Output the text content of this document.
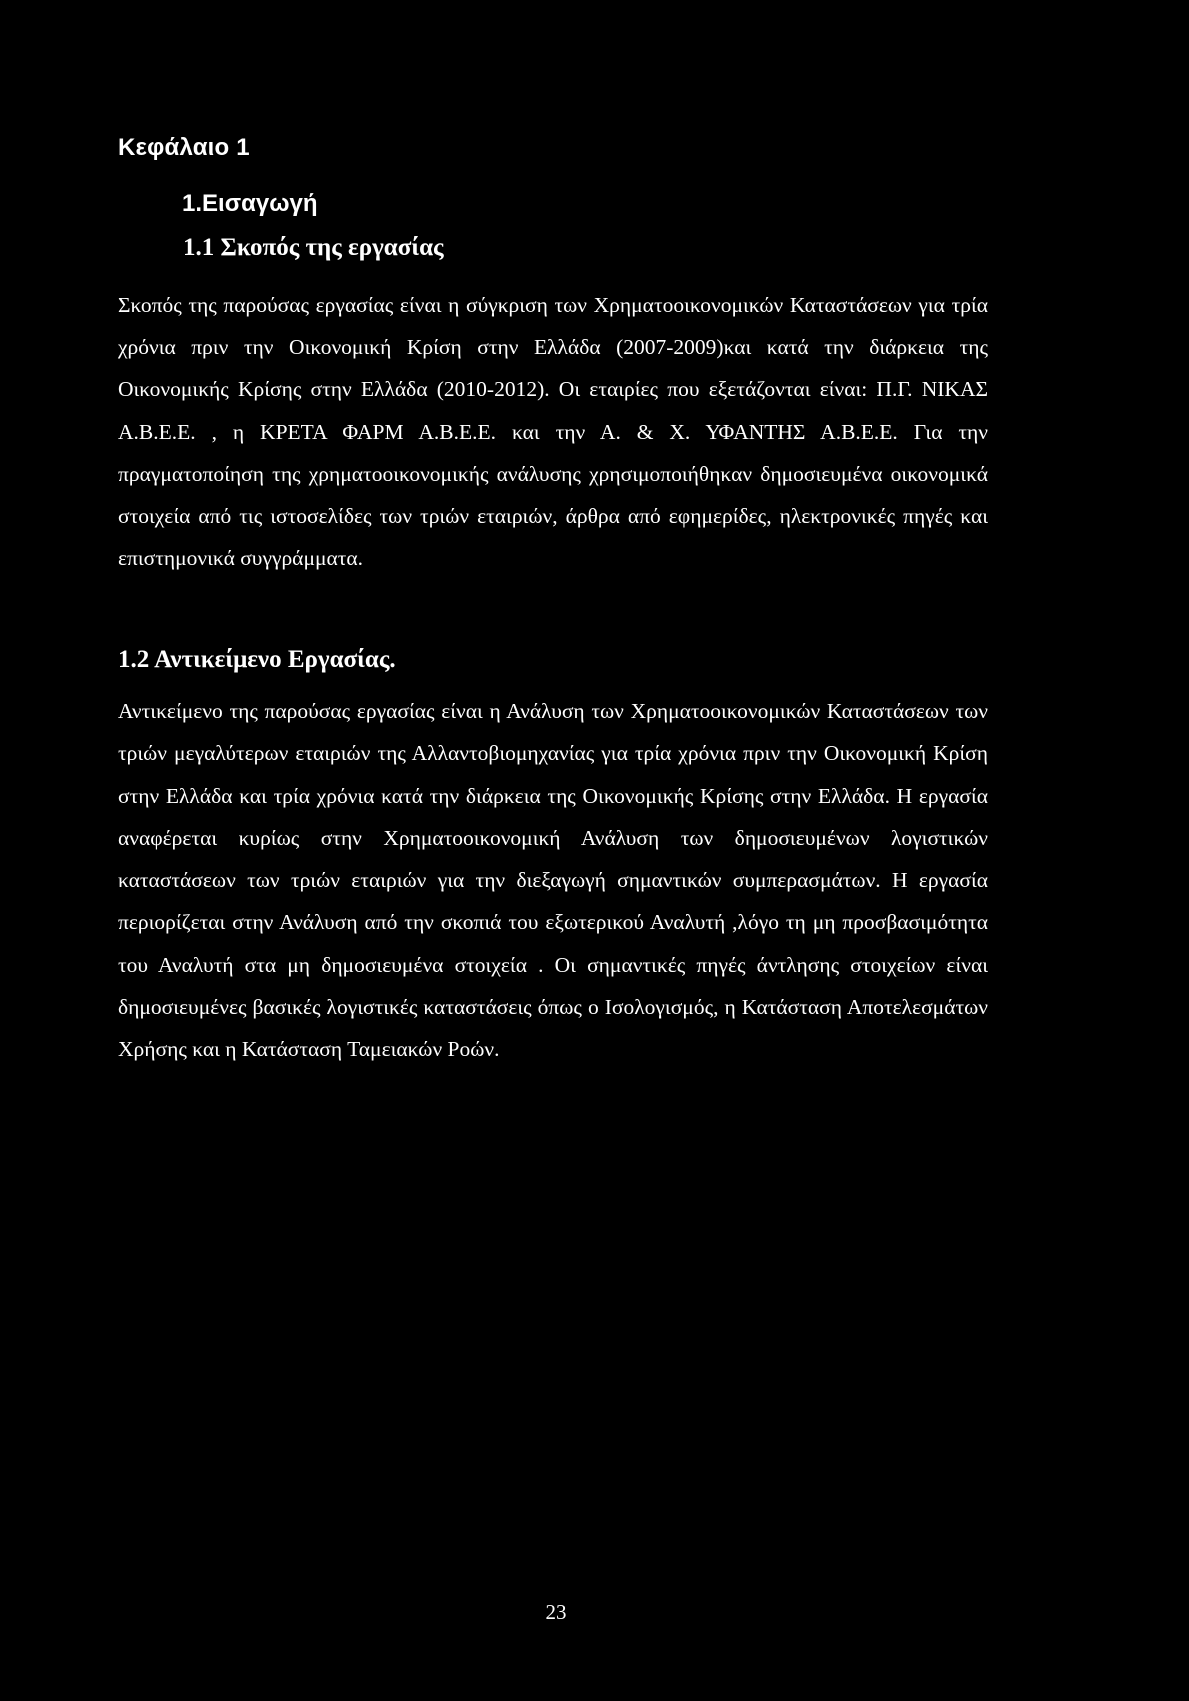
Κεφάλαιο 1
1.Εισαγωγή
1.1 Σκοπός της εργασίας

Σκοπός της παρούσας εργασίας είναι η σύγκριση των Χρηματοοικονομικών Καταστάσεων για τρία χρόνια πριν την Οικονομική Κρίση στην Ελλάδα (2007-2009)και κατά την διάρκεια της Οικονομικής Κρίσης στην Ελλάδα (2010-2012). Οι εταιρίες που εξετάζονται είναι: Π.Γ. ΝΙΚΑΣ Α.Β.Ε.Ε. , η ΚΡΕΤΑ ΦΑΡΜ Α.Β.Ε.Ε. και την Α. & Χ. ΥΦΑΝΤΗΣ Α.Β.Ε.Ε. Για την πραγματοποίηση της χρηματοοικονομικής ανάλυσης χρησιμοποιήθηκαν δημοσιευμένα οικονομικά στοιχεία από τις ιστοσελίδες των τριών εταιριών, άρθρα από εφημερίδες, ηλεκτρονικές πηγές και επιστημονικά συγγράμματα.

1.2 Αντικείμενο Εργασίας.

Αντικείμενο της παρούσας εργασίας είναι η Ανάλυση των Χρηματοοικονομικών Καταστάσεων των τριών μεγαλύτερων εταιριών της Αλλαντοβιομηχανίας για τρία χρόνια πριν την Οικονομική Κρίση στην Ελλάδα και τρία χρόνια κατά την διάρκεια της Οικονομικής Κρίσης στην Ελλάδα. Η εργασία αναφέρεται κυρίως στην Χρηματοοικονομική Ανάλυση των δημοσιευμένων λογιστικών καταστάσεων των τριών εταιριών για την διεξαγωγή σημαντικών συμπερασμάτων. Η εργασία περιορίζεται στην Ανάλυση από την σκοπιά του εξωτερικού Αναλυτή ,λόγο τη μη προσβασιμότητα του Αναλυτή στα μη δημοσιευμένα στοιχεία . Οι σημαντικές πηγές άντλησης στοιχείων είναι δημοσιευμένες βασικές λογιστικές καταστάσεις όπως ο Ισολογισμός, η Κατάσταση Αποτελεσμάτων Χρήσης και η Κατάσταση Ταμειακών Ροών.

23
